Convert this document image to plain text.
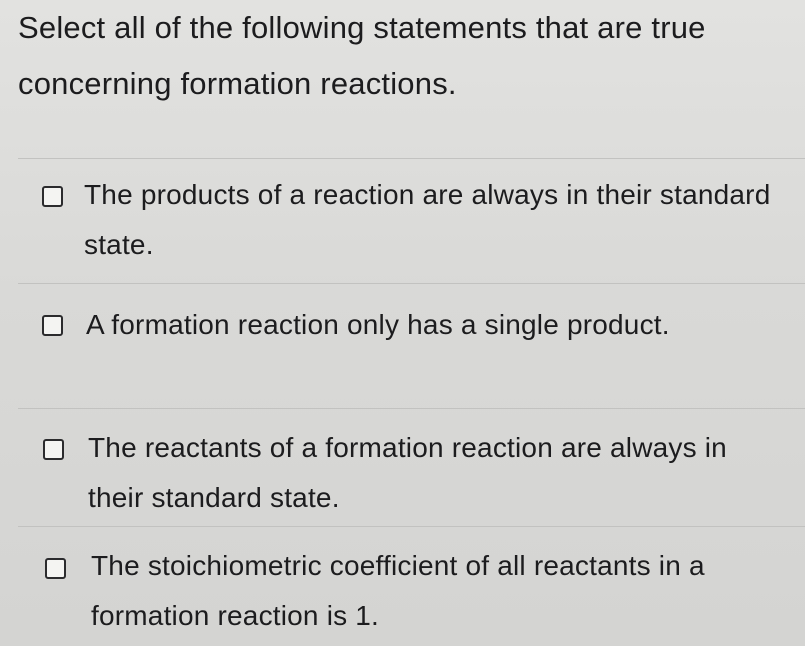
Select all of the following statements that are true concerning formation reactions.

The products of a reaction are always in their standard state.
A formation reaction only has a single product.
The reactants of a formation reaction are always in their standard state.
The stoichiometric coefficient of all reactants in a formation reaction is 1.
